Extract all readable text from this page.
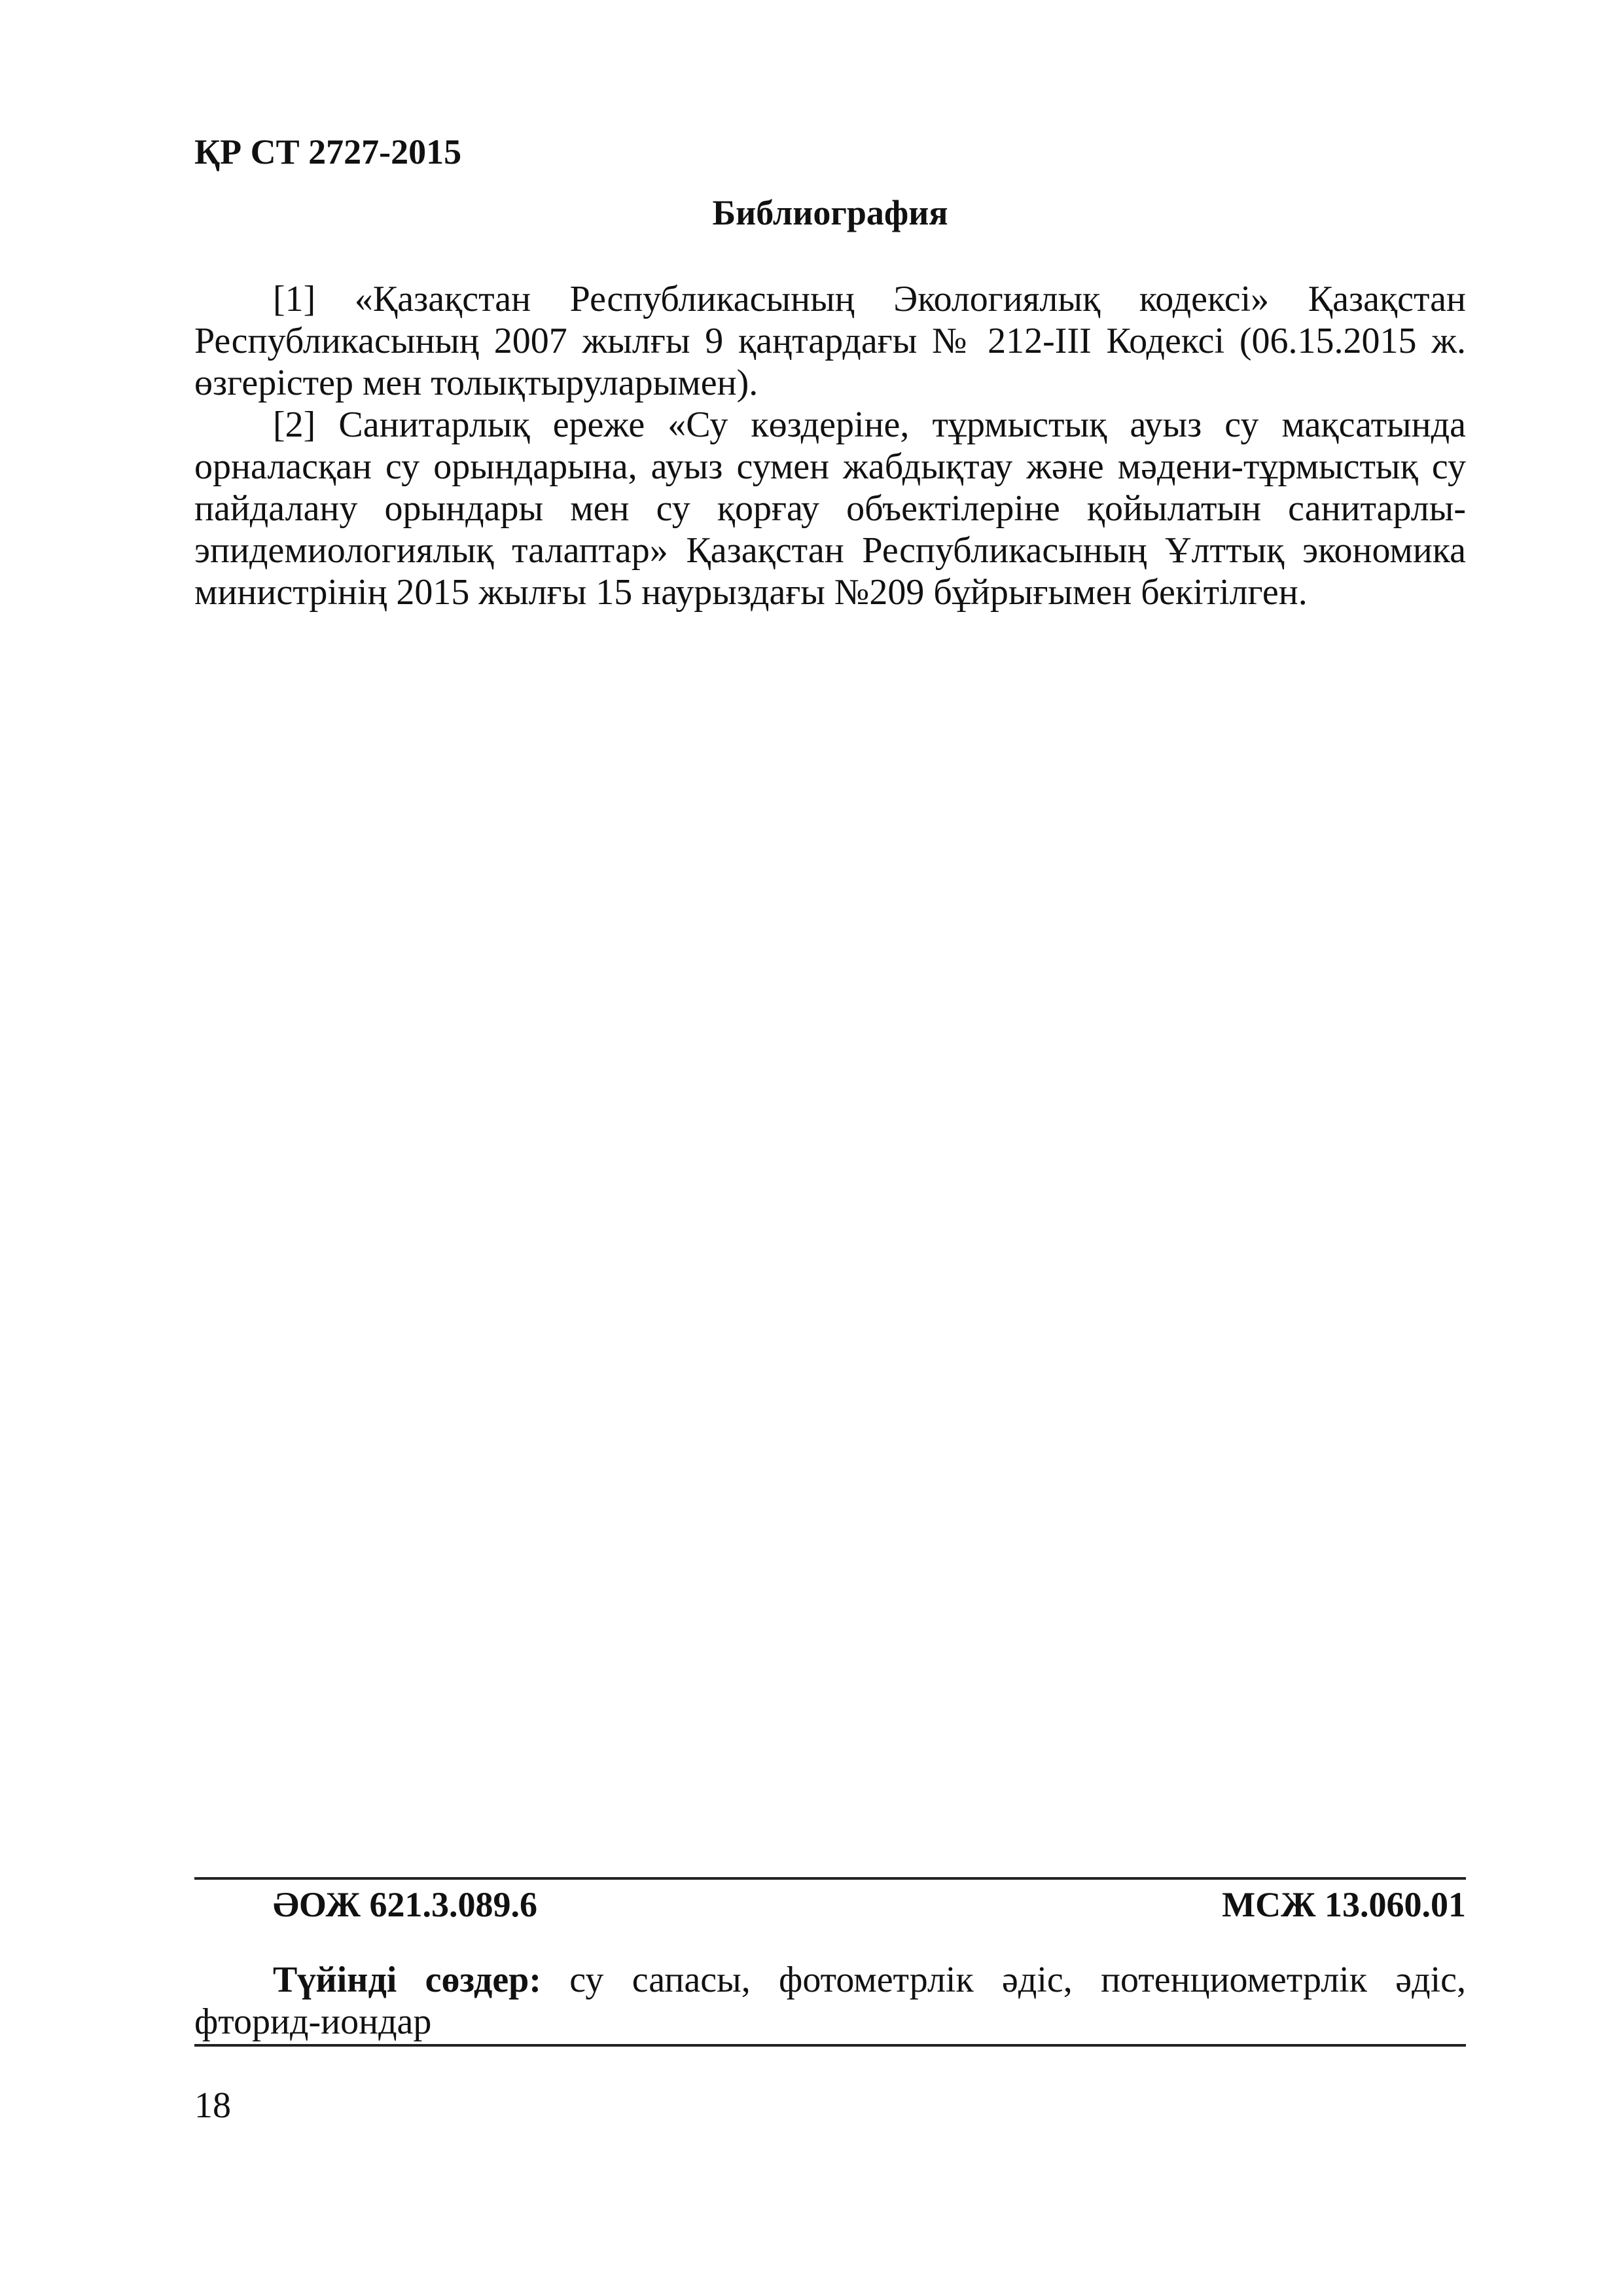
ҚР СТ 2727-2015
Библиография

[1] «Қазақстан Республикасының Экологиялық кодексі» Қазақстан Республикасының 2007 жылғы 9 қаңтардағы № 212-ІІІ Кодексі (06.15.2015 ж. өзгерістер мен толықтыруларымен).

[2] Санитарлық ереже «Су көздеріне, тұрмыстық ауыз су мақсатында орналасқан су орындарына, ауыз сумен жабдықтау және мәдени-тұрмыстық су пайдалану орындары мен су қорғау объектілеріне қойылатын санитарлы-эпидемиологиялық талаптар» Қазақстан Республикасының Ұлттық экономика министрінің 2015 жылғы 15 наурыздағы №209 бұйрығымен бекітілген.

ӘОЖ 621.3.089.6	МСЖ 13.060.01

Түйінді сөздер: су сапасы, фотометрлік әдіс, потенциометрлік әдіс, фторид-иондар

18
